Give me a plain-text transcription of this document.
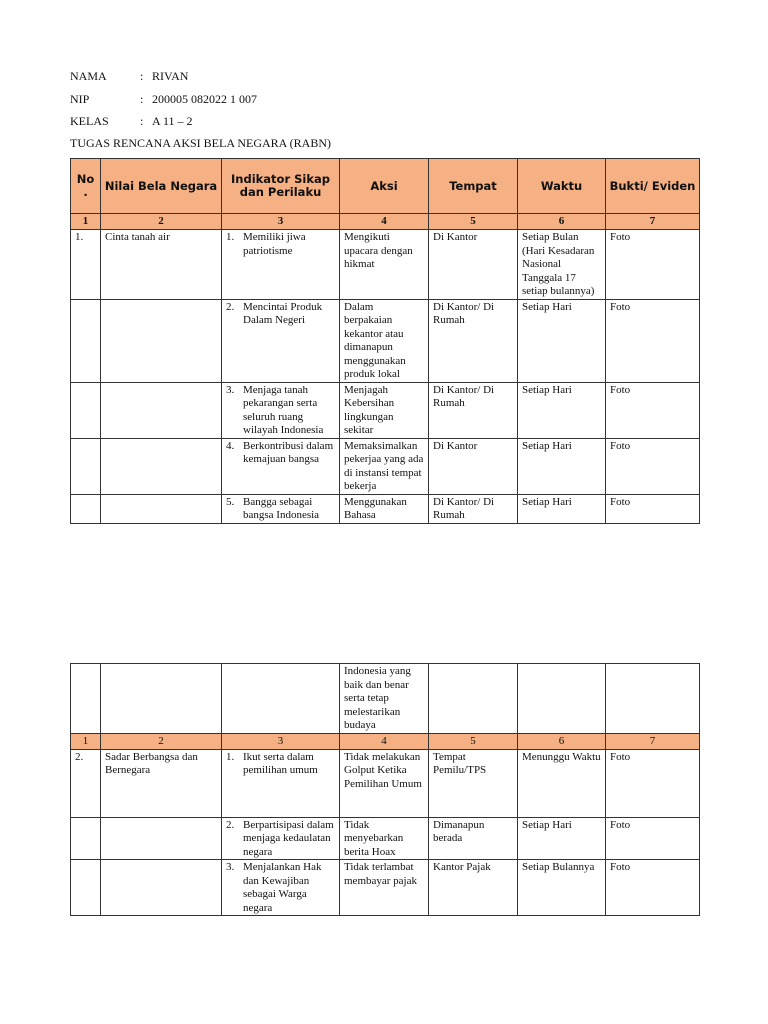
NAMA	: RIVAN
NIP	: 200005 082022 1 007
KELAS	: A 11 – 2
TUGAS RENCANA AKSI BELA NEGARA (RABN)
No .	Nilai Bela Negara	Indikator Sikap dan Perilaku	Aksi	Tempat	Waktu	Bukti/ Eviden
1	2	3	4	5	6	7
1.	Cinta tanah air	1. Memiliki jiwa patriotisme	Mengikuti upacara dengan hikmat	Di Kantor	Setiap Bulan (Hari Kesadaran Nasional Tanggala 17 setiap bulannya)	Foto

		2. Mencintai Produk Dalam Negeri	Dalam berpakaian kekantor atau dimanapun menggunakan produk lokal	Di Kantor/ Di Rumah	Setiap Hari	Foto

		3. Menjaga tanah pekarangan serta seluruh ruang wilayah Indonesia	Menjagah Kebersihan lingkungan sekitar	Di Kantor/ Di Rumah	Setiap Hari	Foto

		4. Berkontribusi dalam kemajuan bangsa	Memaksimalkan pekerjaa yang ada di instansi tempat bekerja	Di Kantor	Setiap Hari	Foto

		5. Bangga sebagai bangsa Indonesia	Menggunakan Bahasa	Di Kantor/ Di Rumah	Setiap Hari	Foto
			Indonesia yang baik dan benar serta tetap melestarikan budaya			
1	2	3	4	5	6	7
2.	Sadar Berbangsa dan Bernegara	1. Ikut serta dalam pemilihan umum	Tidak melakukan Golput Ketika Pemilihan Umum	Tempat Pemilu/TPS	Menunggu Waktu	Foto

		2. Berpartisipasi dalam menjaga kedaulatan negara	Tidak menyebarkan berita Hoax	Dimanapun berada	Setiap Hari	Foto

		3. Menjalankan Hak dan Kewajiban sebagai Warga negara	Tidak terlambat membayar pajak	Kantor Pajak	Setiap Bulannya	Foto
